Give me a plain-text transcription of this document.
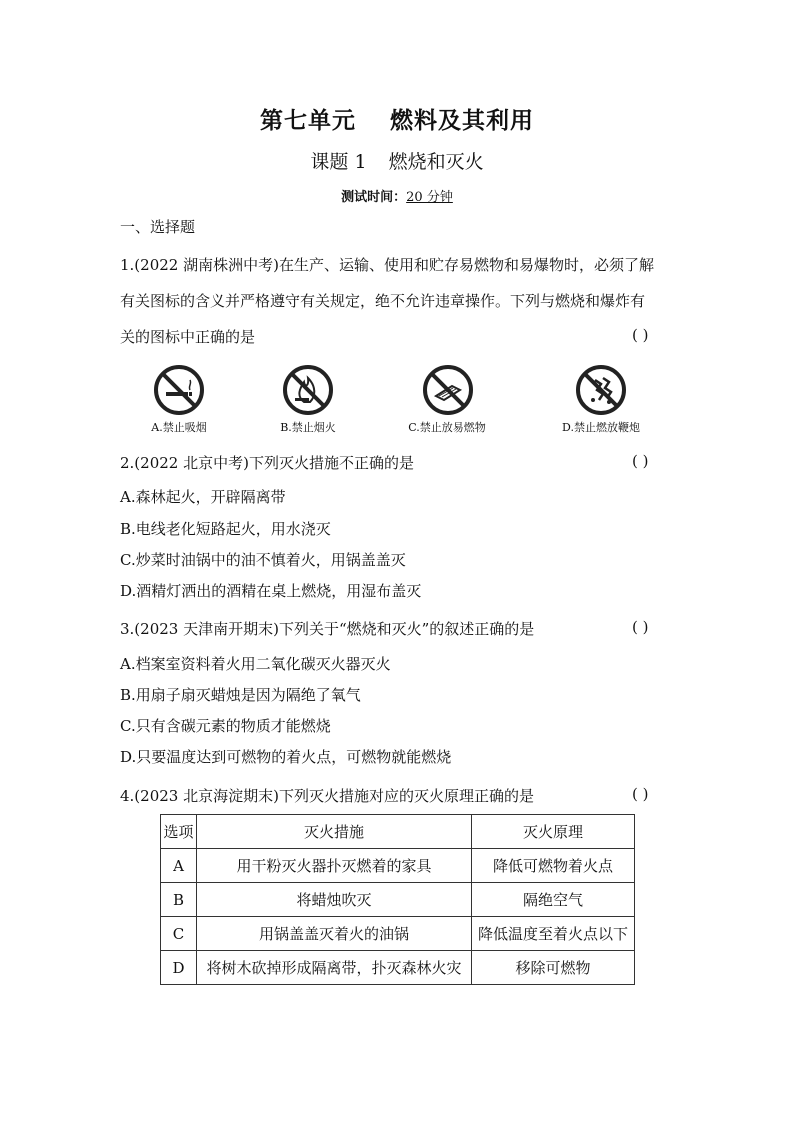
第七单元 燃料及其利用
课题 1 燃烧和灭火
测试时间：20 分钟
一、选择题
1.(2022 湖南株洲中考)在生产、运输、使用和贮存易燃物和易爆物时，必须了解
有关图标的含义并严格遵守有关规定，绝不允许违章操作。下列与燃烧和爆炸有
关的图标中正确的是	( )
A.禁止吸烟	B.禁止烟火	C.禁止放易燃物	D.禁止燃放鞭炮
2.(2022 北京中考)下列灭火措施不正确的是	( )
A.森林起火，开辟隔离带
B.电线老化短路起火，用水浇灭
C.炒菜时油锅中的油不慎着火，用锅盖盖灭
D.酒精灯洒出的酒精在桌上燃烧，用湿布盖灭
3.(2023 天津南开期末)下列关于“燃烧和灭火”的叙述正确的是	( )
A.档案室资料着火用二氧化碳灭火器灭火
B.用扇子扇灭蜡烛是因为隔绝了氧气
C.只有含碳元素的物质才能燃烧
D.只要温度达到可燃物的着火点，可燃物就能燃烧
4.(2023 北京海淀期末)下列灭火措施对应的灭火原理正确的是	( )
选项	灭火措施	灭火原理
A	用干粉灭火器扑灭燃着的家具	降低可燃物着火点
B	将蜡烛吹灭	隔绝空气
C	用锅盖盖灭着火的油锅	降低温度至着火点以下
D	将树木砍掉形成隔离带，扑灭森林火灾	移除可燃物
